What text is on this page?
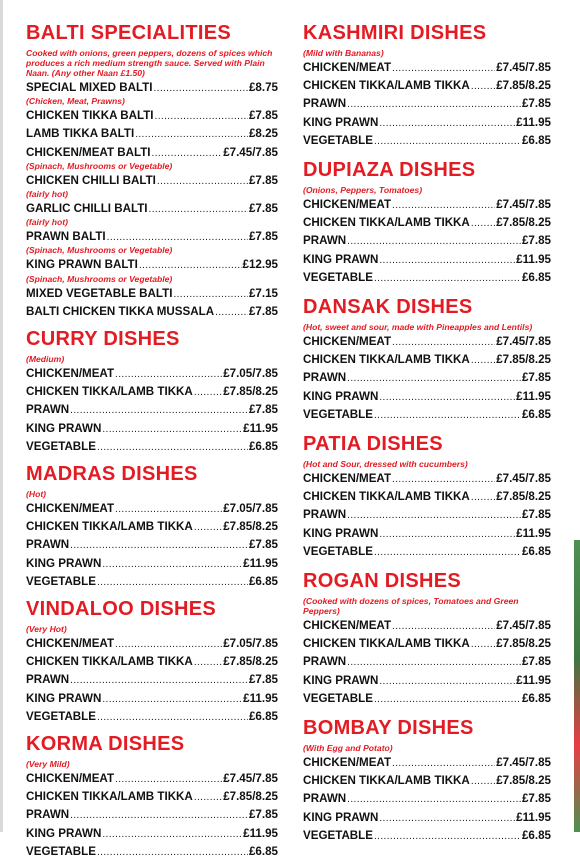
BALTI SPECIALITIES
Cooked with onions, green peppers, dozens of spices which produces a rich medium strength sauce. Served with Plain Naan. (Any other Naan £1.50)
SPECIAL MIXED BALTI .....	£8.75
(Chicken, Meat, Prawns)
CHICKEN TIKKA BALTI .....	£7.85
LAMB TIKKA BALTI .....	£8.25
CHICKEN/MEAT BALTI .....	£7.45/7.85
(Spinach, Mushrooms or Vegetable)
CHICKEN CHILLI BALTI .....	£7.85
(fairly hot)
GARLIC CHILLI BALTI .....	£7.85
(fairly hot)
PRAWN BALTI .....	£7.85
(Spinach, Mushrooms or Vegetable)
KING PRAWN BALTI .....	£12.95
(Spinach, Mushrooms or Vegetable)
MIXED VEGETABLE BALTI .....	£7.15
BALTI CHICKEN TIKKA MUSSALA .....	£7.85
CURRY DISHES
(Medium)
CHICKEN/MEAT .....	£7.05/7.85
CHICKEN TIKKA/LAMB TIKKA .....	£7.85/8.25
PRAWN .....	£7.85
KING PRAWN .....	£11.95
VEGETABLE .....	£6.85
MADRAS DISHES
(Hot)
CHICKEN/MEAT .....	£7.05/7.85
CHICKEN TIKKA/LAMB TIKKA .....	£7.85/8.25
PRAWN .....	£7.85
KING PRAWN .....	£11.95
VEGETABLE .....	£6.85
VINDALOO DISHES
(Very Hot)
CHICKEN/MEAT .....	£7.05/7.85
CHICKEN TIKKA/LAMB TIKKA .....	£7.85/8.25
PRAWN .....	£7.85
KING PRAWN .....	£11.95
VEGETABLE .....	£6.85
KORMA DISHES
(Very Mild)
CHICKEN/MEAT .....	£7.45/7.85
CHICKEN TIKKA/LAMB TIKKA .....	£7.85/8.25
PRAWN .....	£7.85
KING PRAWN .....	£11.95
VEGETABLE .....	£6.85
KASHMIRI DISHES
(Mild with Bananas)
CHICKEN/MEAT .....	£7.45/7.85
CHICKEN TIKKA/LAMB TIKKA ..... £7.85/8.25
PRAWN .....	£7.85
KING PRAWN .....	£11.95
VEGETABLE .....	£6.85
DUPIAZA DISHES
(Onions, Peppers, Tomatoes)
CHICKEN/MEAT .....	£7.45/7.85
CHICKEN TIKKA/LAMB TIKKA ..... £7.85/8.25
PRAWN .....	£7.85
KING PRAWN .....	£11.95
VEGETABLE .....	£6.85
DANSAK DISHES
(Hot, sweet and sour, made with Pineapples and Lentils)
CHICKEN/MEAT .....	£7.45/7.85
CHICKEN TIKKA/LAMB TIKKA ..... £7.85/8.25
PRAWN .....	£7.85
KING PRAWN .....	£11.95
VEGETABLE .....	£6.85
PATIA DISHES
(Hot and Sour, dressed with cucumbers)
CHICKEN/MEAT .....	£7.45/7.85
CHICKEN TIKKA/LAMB TIKKA ..... £7.85/8.25
PRAWN .....	£7.85
KING PRAWN .....	£11.95
VEGETABLE .....	£6.85
ROGAN DISHES
(Cooked with dozens of spices, Tomatoes and Green Peppers)
CHICKEN/MEAT .....	£7.45/7.85
CHICKEN TIKKA/LAMB TIKKA ..... £7.85/8.25
PRAWN .....	£7.85
KING PRAWN .....	£11.95
VEGETABLE .....	£6.85
BOMBAY DISHES
(With Egg and Potato)
CHICKEN/MEAT .....	£7.45/7.85
CHICKEN TIKKA/LAMB TIKKA ..... £7.85/8.25
PRAWN .....	£7.85
KING PRAWN .....	£11.95
VEGETABLE .....	£6.85
